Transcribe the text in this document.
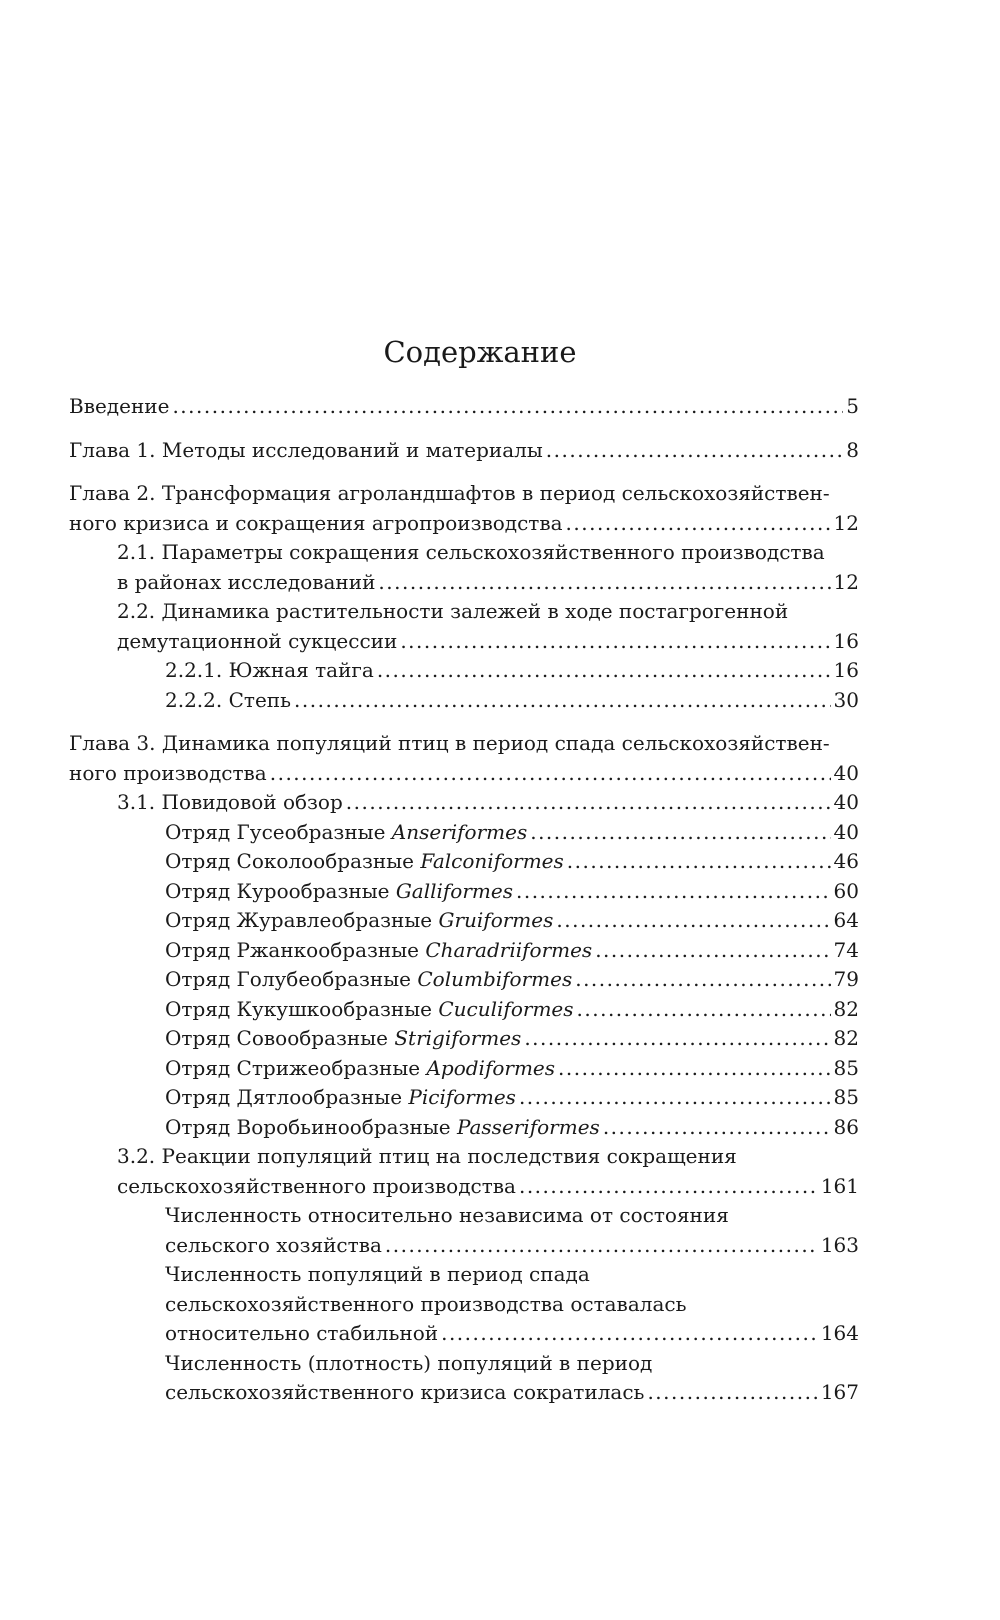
Содержание
Введение .....	5
Глава 1. Методы исследований и материалы .....	8
Глава 2. Трансформация агроландшафтов в период сельскохозяйствен-
ного кризиса и сокращения агропроизводства .....	12
2.1. Параметры сокращения сельскохозяйственного производства
в районах исследований .....	12
2.2. Динамика растительности залежей в ходе постагрогенной
демутационной сукцессии .....	16
2.2.1. Южная тайга .....	16
2.2.2. Степь .....	30
Глава 3. Динамика популяций птиц в период спада сельскохозяйствен-
ного производства .....	40
3.1. Повидовой обзор .....	40
Отряд Гусеобразные Anseriformes .....	40
Отряд Соколообразные Falconiformes .....	46
Отряд Курообразные Galliformes .....	60
Отряд Журавлеобразные Gruiformes .....	64
Отряд Ржанкообразные Charadriiformes .....	74
Отряд Голубеобразные Columbiformes .....	79
Отряд Кукушкообразные Cuculiformes .....	82
Отряд Совообразные Strigiformes .....	82
Отряд Стрижеобразные Apodiformes .....	85
Отряд Дятлообразные Piciformes .....	85
Отряд Воробьинообразные Passeriformes .....	86
3.2. Реакции популяций птиц на последствия сокращения
сельскохозяйственного производства .....	161
Численность относительно независима от состояния
сельского хозяйства .....	163
Численность популяций в период спада
сельскохозяйственного производства оставалась
относительно стабильной .....	164
Численность (плотность) популяций в период
сельскохозяйственного кризиса сократилась .....	167
